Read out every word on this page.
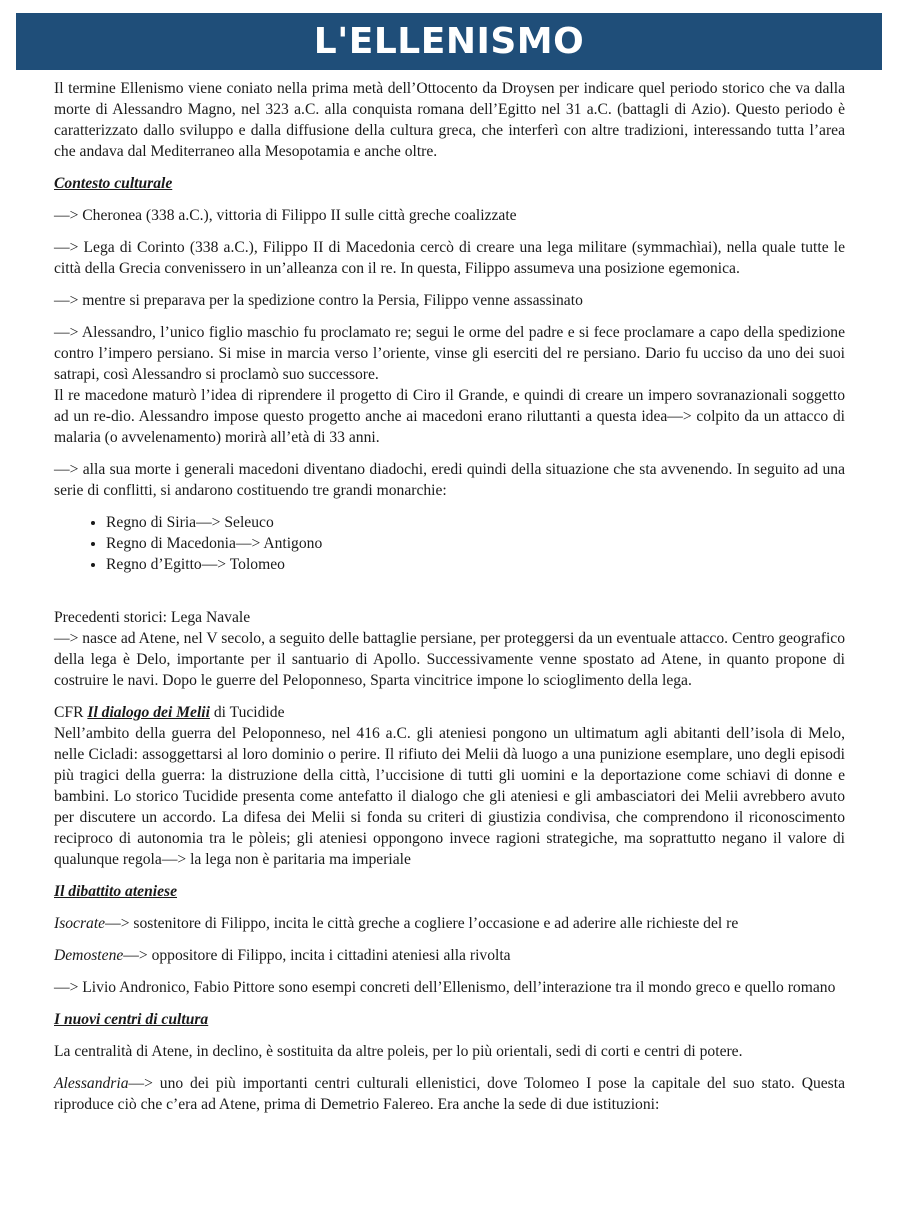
L'ELLENISMO

Il termine Ellenismo viene coniato nella prima metà dell’Ottocento da Droysen per indicare quel periodo storico che va dalla morte di Alessandro Magno, nel 323 a.C. alla conquista romana dell’Egitto nel 31 a.C. (battagli di Azio). Questo periodo è caratterizzato dallo sviluppo e dalla diffusione della cultura greca, che interferì con altre tradizioni, interessando tutta l’area che andava dal Mediterraneo alla Mesopotamia e anche oltre.

Contesto culturale

—> Cheronea (338 a.C.), vittoria di Filippo II sulle città greche coalizzate

—> Lega di Corinto (338 a.C.), Filippo II di Macedonia cercò di creare una lega militare (symmachìai), nella quale tutte le città della Grecia convenissero in un’alleanza con il re. In questa, Filippo assumeva una posizione egemonica.

—> mentre si preparava per la spedizione contro la Persia, Filippo venne assassinato

—> Alessandro, l’unico figlio maschio fu proclamato re; segui le orme del padre e si fece proclamare a capo della spedizione contro l’impero persiano. Si mise in marcia verso l’oriente, vinse gli eserciti del re persiano. Dario fu ucciso da uno dei suoi satrapi, così Alessandro si proclamò suo successore.

Il re macedone maturò l’idea di riprendere il progetto di Ciro il Grande, e quindi di creare un impero sovranazionali soggetto ad un re-dio. Alessandro impose questo progetto anche ai macedoni erano riluttanti a questa idea—> colpito da un attacco di malaria (o avvelenamento) morirà all’età di 33 anni.

—> alla sua morte i generali macedoni diventano diadochi, eredi quindi della situazione che sta avvenendo. In seguito ad una serie di conflitti, si andarono costituendo tre grandi monarchie:

• Regno di Siria—> Seleuco
• Regno di Macedonia—> Antigono
• Regno d’Egitto—> Tolomeo

Precedenti storici: Lega Navale

—> nasce ad Atene, nel V secolo, a seguito delle battaglie persiane, per proteggersi da un eventuale attacco. Centro geografico della lega è Delo, importante per il santuario di Apollo. Successivamente venne spostato ad Atene, in quanto propone di costruire le navi. Dopo le guerre del Peloponneso, Sparta vincitrice impone lo scioglimento della lega.

CFR Il dialogo dei Melii di Tucidide

Nell’ambito della guerra del Peloponneso, nel 416 a.C. gli ateniesi pongono un ultimatum agli abitanti dell’isola di Melo, nelle Cicladi: assoggettarsi al loro dominio o perire. Il rifiuto dei Melii dà luogo a una punizione esemplare, uno degli episodi più tragici della guerra: la distruzione della città, l’uccisione di tutti gli uomini e la deportazione come schiavi di donne e bambini. Lo storico Tucidide presenta come antefatto il dialogo che gli ateniesi e gli ambasciatori dei Melii avrebbero avuto per discutere un accordo. La difesa dei Melii si fonda su criteri di giustizia condivisa, che comprendono il riconoscimento reciproco di autonomia tra le pòleis; gli ateniesi oppongono invece ragioni strategiche, ma soprattutto negano il valore di qualunque regola—> la lega non è paritaria ma imperiale

Il dibattito ateniese

Isocrate—> sostenitore di Filippo, incita le città greche a cogliere l’occasione e ad aderire alle richieste del re

Demostene—> oppositore di Filippo, incita i cittadini ateniesi alla rivolta

—> Livio Andronico, Fabio Pittore sono esempi concreti dell’Ellenismo, dell’interazione tra il mondo greco e quello romano

I nuovi centri di cultura

La centralità di Atene, in declino, è sostituita da altre poleis, per lo più orientali, sedi di corti e centri di potere.

Alessandria—> uno dei più importanti centri culturali ellenistici, dove Tolomeo I pose la capitale del suo stato. Questa riproduce ciò che c’era ad Atene, prima di Demetrio Falereo. Era anche la sede di due istituzioni:
